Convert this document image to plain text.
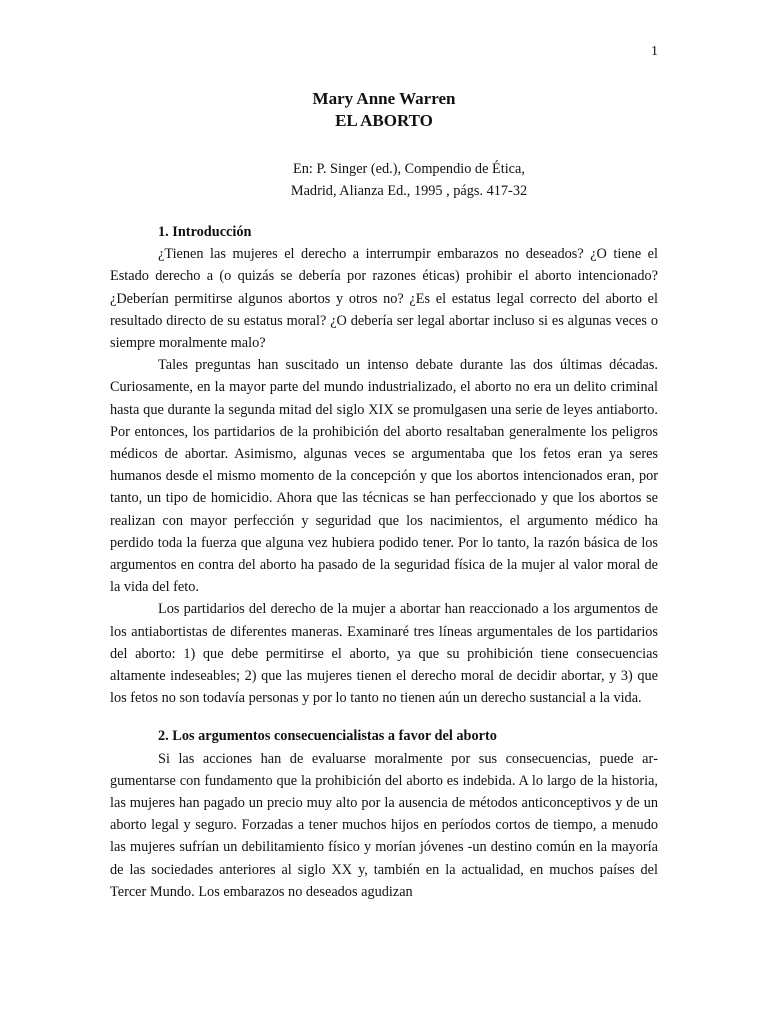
1

Mary Anne Warren

EL ABORTO

En: P. Singer (ed.), Compendio de Ética,
Madrid, Alianza Ed., 1995 , págs. 417-32

1. Introducción

¿Tienen las mujeres el derecho a interrumpir embarazos no deseados? ¿O tiene el Estado derecho a (o quizás se debería por razones éticas) prohibir el aborto intencionado? ¿Deberían permitirse algunos abortos y otros no? ¿Es el estatus legal correcto del aborto el resultado directo de su estatus moral? ¿O debería ser legal abortar incluso si es algunas veces o siempre moralmente malo?

Tales preguntas han suscitado un intenso debate durante las dos últimas décadas. Curiosamente, en la mayor parte del mundo industrializado, el aborto no era un delito criminal hasta que durante la segunda mitad del siglo XIX se promulgasen una serie de leyes antiaborto. Por entonces, los partidarios de la prohibición del aborto resaltaban generalmente los peligros médicos de abortar. Asimismo, algunas veces se argumentaba que los fetos eran ya seres humanos desde el mismo momento de la concepción y que los abortos intencionados eran, por tanto, un tipo de homicidio. Ahora que las técnicas se han perfeccionado y que los abortos se realizan con mayor perfección y seguridad que los nacimientos, el argumento médico ha perdido toda la fuerza que alguna vez hubiera podido tener. Por lo tanto, la razón básica de los argumentos en contra del aborto ha pasado de la seguridad física de la mujer al valor moral de la vida del feto.

Los partidarios del derecho de la mujer a abortar han reaccionado a los argumentos de los antiabortistas de diferentes maneras. Examinaré tres líneas argumentales de los partidarios del aborto: 1) que debe permitirse el aborto, ya que su prohibición tiene consecuencias altamente indeseables; 2) que las mujeres tienen el derecho moral de decidir abortar, y 3) que los fetos no son todavía personas y por lo tanto no tienen aún un derecho sustancial a la vida.

2. Los argumentos consecuencialistas a favor del aborto

Si las acciones han de evaluarse moralmente por sus consecuencias, puede argumentarse con fundamento que la prohibición del aborto es indebida. A lo largo de la historia, las mujeres han pagado un precio muy alto por la ausencia de métodos anticonceptivos y de un aborto legal y seguro. Forzadas a tener muchos hijos en períodos cortos de tiempo, a menudo las mujeres sufrían un debilitamiento físico y morían jóvenes -un destino común en la mayoría de las sociedades anteriores al siglo XX y, también en la actualidad, en muchos países del Tercer Mundo. Los embarazos no deseados agudizan
